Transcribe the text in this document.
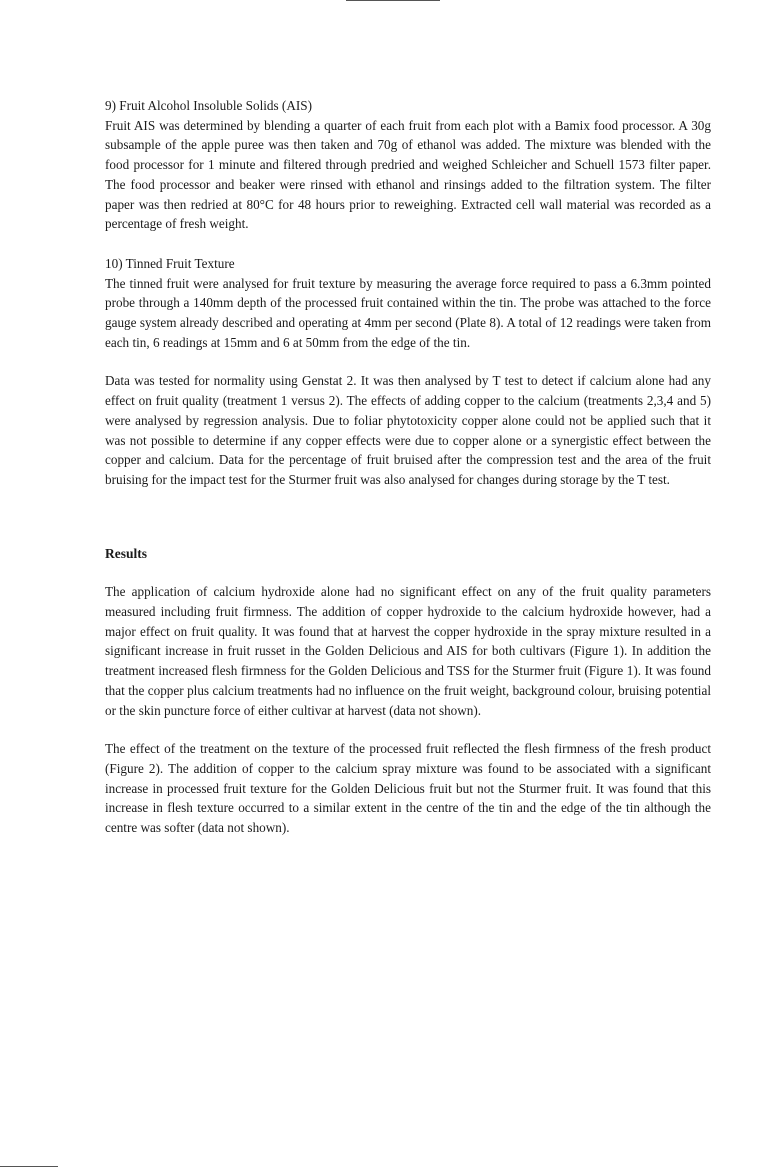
9) Fruit Alcohol Insoluble Solids (AIS)
Fruit AIS was determined by blending a quarter of each fruit from each plot with a Bamix food processor. A 30g subsample of the apple puree was then taken and 70g of ethanol was added. The mixture was blended with the food processor for 1 minute and filtered through predried and weighed Schleicher and Schuell 1573 filter paper. The food processor and beaker were rinsed with ethanol and rinsings added to the filtration system. The filter paper was then redried at 80°C for 48 hours prior to reweighing. Extracted cell wall material was recorded as a percentage of fresh weight.

10) Tinned Fruit Texture
The tinned fruit were analysed for fruit texture by measuring the average force required to pass a 6.3mm pointed probe through a 140mm depth of the processed fruit contained within the tin. The probe was attached to the force gauge system already described and operating at 4mm per second (Plate 8). A total of 12 readings were taken from each tin, 6 readings at 15mm and 6 at 50mm from the edge of the tin.

Data was tested for normality using Genstat 2. It was then analysed by T test to detect if calcium alone had any effect on fruit quality (treatment 1 versus 2). The effects of adding copper to the calcium (treatments 2,3,4 and 5) were analysed by regression analysis. Due to foliar phytotoxicity copper alone could not be applied such that it was not possible to determine if any copper effects were due to copper alone or a synergistic effect between the copper and calcium. Data for the percentage of fruit bruised after the compression test and the area of the fruit bruising for the impact test for the Sturmer fruit was also analysed for changes during storage by the T test.

Results

The application of calcium hydroxide alone had no significant effect on any of the fruit quality parameters measured including fruit firmness. The addition of copper hydroxide to the calcium hydroxide however, had a major effect on fruit quality. It was found that at harvest the copper hydroxide in the spray mixture resulted in a significant increase in fruit russet in the Golden Delicious and AIS for both cultivars (Figure 1). In addition the treatment increased flesh firmness for the Golden Delicious and TSS for the Sturmer fruit (Figure 1). It was found that the copper plus calcium treatments had no influence on the fruit weight, background colour, bruising potential or the skin puncture force of either cultivar at harvest (data not shown).

The effect of the treatment on the texture of the processed fruit reflected the flesh firmness of the fresh product (Figure 2). The addition of copper to the calcium spray mixture was found to be associated with a significant increase in processed fruit texture for the Golden Delicious fruit but not the Sturmer fruit. It was found that this increase in flesh texture occurred to a similar extent in the centre of the tin and the edge of the tin although the centre was softer (data not shown).
